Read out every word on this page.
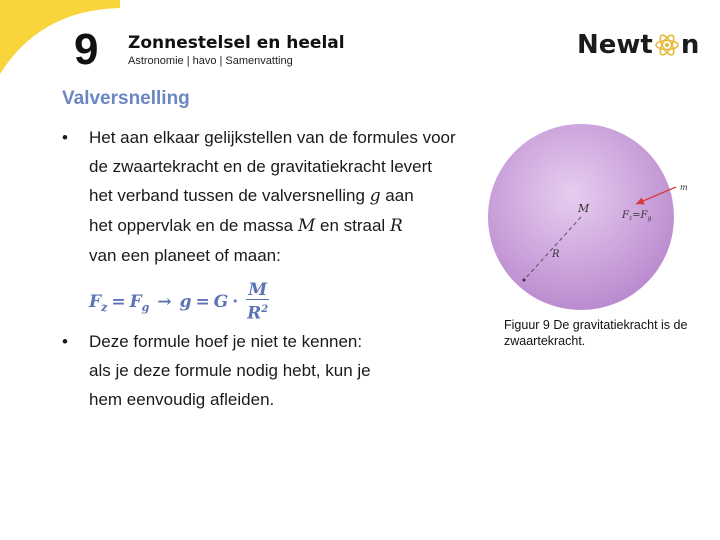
9 Zonnestelsel en heelal
Astronomie | havo | Samenvatting
Newt n
Valversnelling
• Het aan elkaar gelijkstellen van de formules voor
de zwaartekracht en de gravitatiekracht levert
het verband tussen de valversnelling g aan
het oppervlak en de massa M en straal R
van een planeet of maan:
F z = F $g \to g = G \cdot \frac{M}{R^2}$
• Deze formule hoef je niet te kennen:
als je deze formule nodig hebt, kun je
hem eenvoudig afleiden.
M
R
m
$F_z=F_g$
Figuur 9 De gravitatiekracht is de zwaartekracht.
